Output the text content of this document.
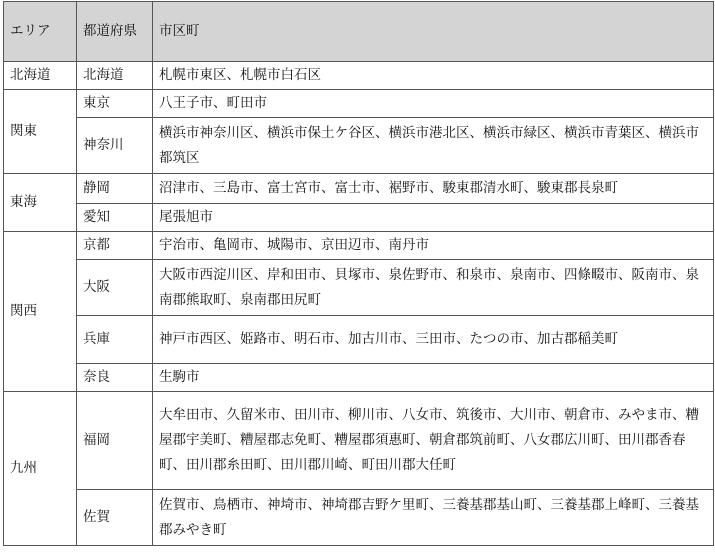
エリア	都道府県	市区町
北海道	北海道	札幌市東区、札幌市白石区
関東	東京	八王子市、町田市
	神奈川	横浜市神奈川区、横浜市保土ケ谷区、横浜市港北区、横浜市緑区、横浜市青葉区、横浜市都筑区
東海	静岡	沼津市、三島市、富士宮市、富士市、裾野市、駿東郡清水町、駿東郡長泉町
	愛知	尾張旭市
関西	京都	宇治市、亀岡市、城陽市、京田辺市、南丹市
	大阪	大阪市西淀川区、岸和田市、貝塚市、泉佐野市、和泉市、泉南市、四條畷市、阪南市、泉南郡熊取町、泉南郡田尻町
	兵庫	神戸市西区、姫路市、明石市、加古川市、三田市、たつの市、加古郡稲美町
	奈良	生駒市
九州	福岡	大牟田市、久留米市、田川市、柳川市、八女市、筑後市、大川市、朝倉市、みやま市、糟屋郡宇美町、糟屋郡志免町、糟屋郡須惠町、朝倉郡筑前町、八女郡広川町、田川郡香春町、田川郡糸田町、田川郡川崎、町田川郡大任町
	佐賀	佐賀市、鳥栖市、神埼市、神埼郡吉野ケ里町、三養基郡基山町、三養基郡上峰町、三養基郡みやき町
